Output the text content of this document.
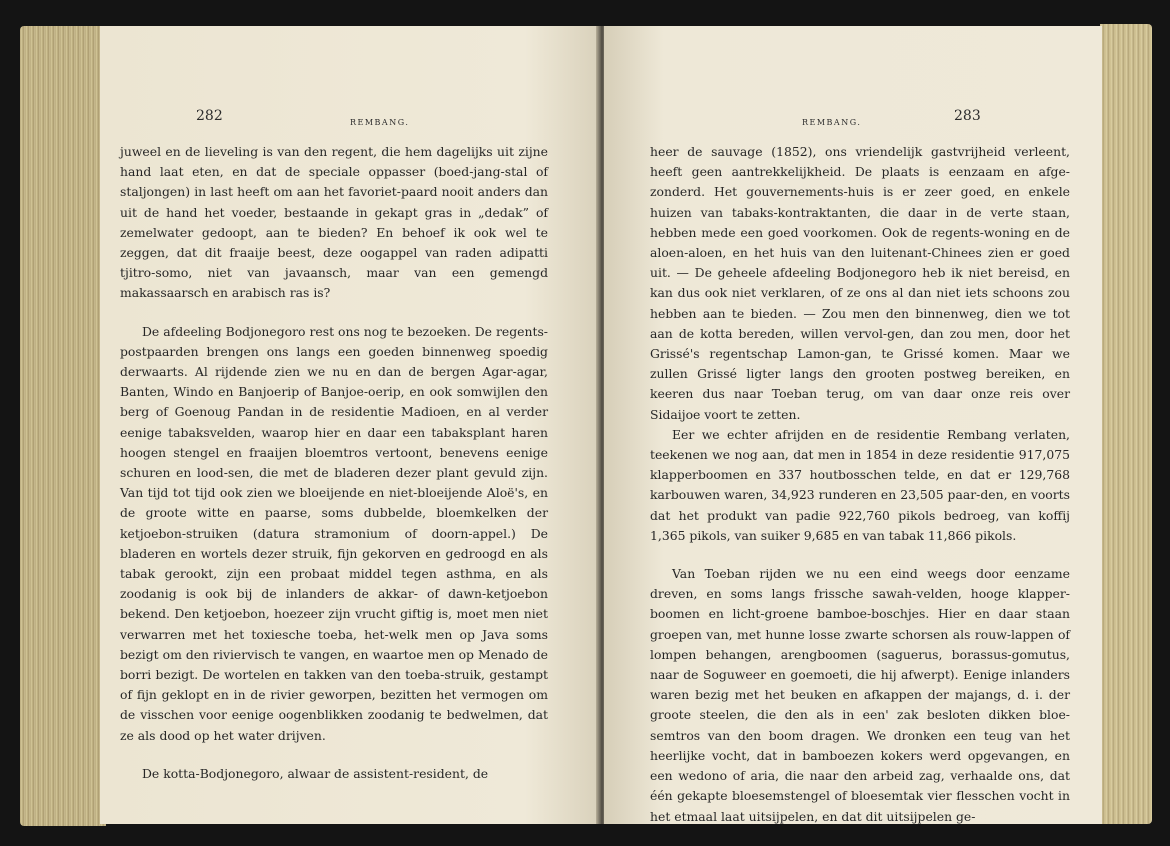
282	REMBANG.

juweel en de lieveling is van den regent, die hem dagelijks uit zijne hand laat eten, en dat de speciale oppasser (boed-jang-stal of staljongen) in last heeft om aan het favoriet-paard nooit anders dan uit de hand het voeder, bestaande in gekapt gras in „dedak” of zemelwater gedoopt, aan te bieden? En behoef ik ook wel te zeggen, dat dit fraaije beest, deze oogappel van raden adipatti tjitro-somo, niet van javaansch, maar van een gemengd makassaarsch en arabisch ras is?

De afdeeling Bodjonegoro rest ons nog te bezoeken. De regents-postpaarden brengen ons langs een goeden binnenweg spoedig derwaarts. Al rijdende zien we nu en dan de bergen Agar-agar, Banten, Windo en Banjoerip of Banjoe-oerip, en ook somwijlen den berg of Goenoug Pandan in de residentie Madioen, en al verder eenige tabaksvelden, waarop hier en daar een tabaksplant haren hoogen stengel en fraaijen bloemtros vertoont, benevens eenige schuren en lood-sen, die met de bladeren dezer plant gevuld zijn. Van tijd tot tijd ook zien we bloeijende en niet-bloeijende Aloë's, en de groote witte en paarse, soms dubbelde, bloemkelken der ketjoebon-struiken (datura stramonium of doorn-appel.) De bladeren en wortels dezer struik, fijn gekorven en gedroogd en als tabak gerookt, zijn een probaat middel tegen asthma, en als zoodanig is ook bij de inlanders de akkar- of dawn-ketjoebon bekend. Den ketjoebon, hoezeer zijn vrucht giftig is, moet men niet verwarren met het toxiesche toeba, het-welk men op Java soms bezigt om den riviervisch te vangen, en waartoe men op Menado de borri bezigt. De wortelen en takken van den toeba-struik, gestampt of fijn geklopt en in de rivier geworpen, bezitten het vermogen om de visschen voor eenige oogenblikken zoodanig te bedwelmen, dat ze als dood op het water drijven.

De kotta-Bodjonegoro, alwaar de assistent-resident, de

REMBANG.	283

heer de sauvage (1852), ons vriendelijk gastvrijheid verleent, heeft geen aantrekkelijkheid. De plaats is eenzaam en afge-zonderd. Het gouvernements-huis is er zeer goed, en enkele huizen van tabaks-kontraktanten, die daar in de verte staan, hebben mede een goed voorkomen. Ook de regents-woning en de aloen-aloen, en het huis van den luitenant-Chinees zien er goed uit. — De geheele afdeeling Bodjonegoro heb ik niet bereisd, en kan dus ook niet verklaren, of ze ons al dan niet iets schoons zou hebben aan te bieden. — Zou men den binnenweg, dien we tot aan de kotta bereden, willen vervol-gen, dan zou men, door het Grissé's regentschap Lamon-gan, te Grissé komen. Maar we zullen Grissé ligter langs den grooten postweg bereiken, en keeren dus naar Toeban terug, om van daar onze reis over Sidaijoe voort te zetten.

Eer we echter afrijden en de residentie Rembang verlaten, teekenen we nog aan, dat men in 1854 in deze residentie 917,075 klapperboomen en 337 houtbosschen telde, en dat er 129,768 karbouwen waren, 34,923 runderen en 23,505 paar-den, en voorts dat het produkt van padie 922,760 pikols bedroeg, van koffij 1,365 pikols, van suiker 9,685 en van tabak 11,866 pikols.

Van Toeban rijden we nu een eind weegs door eenzame dreven, en soms langs frissche sawah-velden, hooge klapper-boomen en licht-groene bamboe-boschjes. Hier en daar staan groepen van, met hunne losse zwarte schorsen als rouw-lappen of lompen behangen, arengboomen (saguerus, borassus-gomutus, naar de Soguweer en goemoeti, die hij afwerpt). Eenige inlanders waren bezig met het beuken en afkappen der majangs, d. i. der groote steelen, die den als in een' zak besloten dikken bloe-semtros van den boom dragen. We dronken een teug van het heerlijke vocht, dat in bamboezen kokers werd opgevangen, en een wedono of aria, die naar den arbeid zag, verhaalde ons, dat één gekapte bloesemstengel of bloesemtak vier flesschen vocht in het etmaal laat uitsijpelen, en dat dit uitsijpelen ge-
